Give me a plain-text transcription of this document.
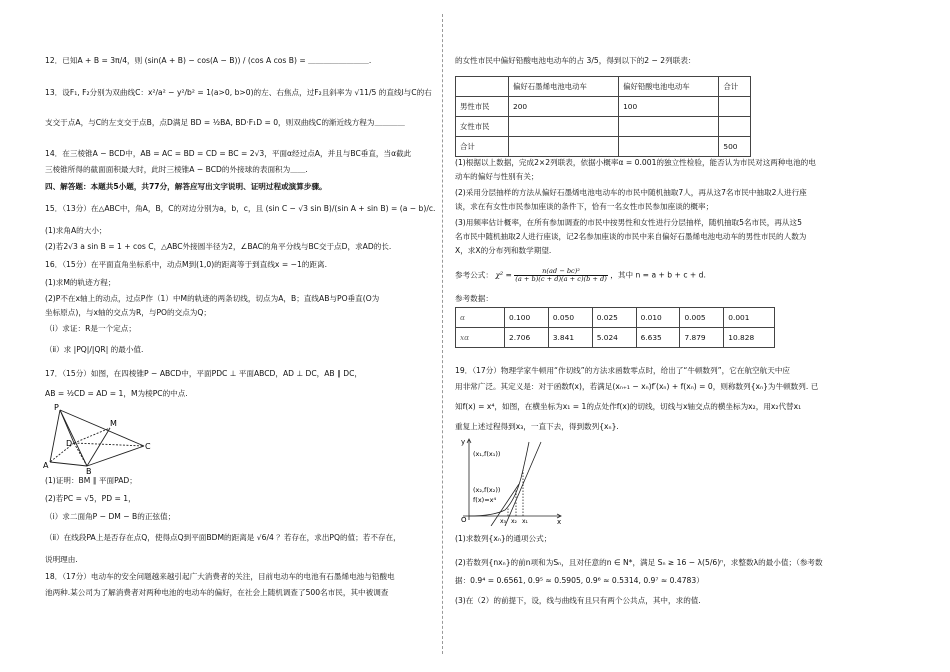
12．已知A + B = 3π/4，则 (sin(A + B) − cos(A − B)) / (cos A cos B) = ＿＿＿＿＿＿＿＿.
13．设F₁, F₂分别为双曲线C：x²/a² − y²/b² = 1(a>0, b>0)的左、右焦点，过F₂且斜率为 √11/5 的直线l与C的右
支交于点A，与C的左支交于点B，点D满足 BD = ½BA, BD·F₁D = 0，则双曲线C的渐近线方程为＿＿＿＿
14．在三棱锥A − BCD中，AB = AC = BD = CD = BC = 2√3，平面α经过点A，并且与BC垂直，当α截此
三棱锥所得的截面面积最大时，此时三棱锥A − BCD的外接球的表面积为＿＿.
四、解答题：本题共5小题，共77分，解答应写出文字说明、证明过程或演算步骤。
15．（13分）在△ABC中，角A，B，C的对边分别为a，b，c，且 (sin C − √3 sin B)/(sin A + sin B) = (a − b)/c.
(1)求角A的大小；
(2)若2√3 a sin B = 1 + cos C，△ABC外接圆半径为2，∠BAC的角平分线与BC交于点D，求AD的长.
16．（15分）在平面直角坐标系中，动点M到(1,0)的距离等于到直线x = −1的距离.
(1)求M的轨迹方程；
(2)P不在x轴上的动点，过点P作（1）中M的轨迹的两条切线，切点为A，B；直线AB与PO垂直(O为
坐标原点)，与x轴的交点为R，与PO的交点为Q；
（ⅰ）求证：R是一个定点；
（ⅱ）求 |PQ|/|QR| 的最小值.
17．（15分）如图，在四棱锥P − ABCD中，平面PDC ⊥ 平面ABCD，AD ⊥ DC，AB ∥ DC，
AB = ½CD = AD = 1，M为棱PC的中点.
P
M
D	C
A
B
(1)证明：BM ∥ 平面PAD；
(2)若PC = √5，PD = 1，
（ⅰ）求二面角P − DM − B的正弦值；
（ⅱ）在线段PA上是否存在点Q，使得点Q到平面BDM的距离是 √6/4 ？若存在，求出PQ的值；若不存在，
说明理由.
18．（17分）电动车的安全问题越来越引起广大消费者的关注，目前电动车的电池有石墨烯电池与铅酸电
池两种.某公司为了解消费者对两种电池的电动车的偏好，在社会上随机调查了500名市民，其中被调查
的女性市民中偏好铅酸电池电动车的占 3/5，得到以下的2 − 2列联表：
	偏好石墨烯电池电动车	偏好铅酸电池电动车	合计
男性市民	200	100	
女性市民			
合计			500
(1)根据以上数据，完成2×2列联表，依据小概率α = 0.001的独立性检验，能否认为市民对这两种电池的电
动车的偏好与性别有关；
(2)采用分层抽样的方法从偏好石墨烯电池电动车的市民中随机抽取7人，再从这7名市民中抽取2人进行座
谈，求在有女性市民参加座谈的条件下，恰有一名女性市民参加座谈的概率；
(3)用频率估计概率，在所有参加调查的市民中按男性和女性进行分层抽样，随机抽取5名市民，再从这5
名市民中随机抽取2人进行座谈，记2名参加座谈的市民中来自偏好石墨烯电池电动车的男性市民的人数为
X，求X的分布列和数学期望.
参考公式： $\chi^2 = \frac{\text{n(ad − bc)²}}{(a + b)(c + d)(a + c)(b + d)}$ ，其中 n = a + b + c + d.
参考数据：
α	0.100	0.050	0.025	0.010	0.005	0.001
xα	2.706	3.841	5.024	6.635	7.879	10.828
19．（17分）物理学家牛顿用“作切线”的方法求函数零点时，给出了“牛顿数列”，它在航空航天中应
用非常广泛。其定义是：对于函数f(x)，若满足(xₙ₊₁ − xₙ)f′(xₙ) + f(xₙ) = 0，则称数列{xₙ}为牛顿数列. 已
知f(x) = x⁴，如图，在横坐标为x₁ = 1的点处作f(x)的切线，切线与x轴交点的横坐标为x₂，用x₂代替x₁
重复上述过程得到x₃，一直下去，得到数列{xₙ}.
y
(x₁,f(x₁))
(x₂,f(x₂))
f(x)=x⁴
O	x₃ x₂ x₁	x
(1)求数列{xₙ}的通项公式；
(2)若数列{nxₙ}的前n项和为Sₙ，且对任意的n ∈ N*，满足 Sₙ ≥ 16 − λ(5/6)ⁿ，求整数λ的最小值；（参考数
据：0.9⁴ = 0.6561, 0.9⁵ ≈ 0.5905, 0.9⁶ ≈ 0.5314, 0.9⁷ ≈ 0.4783）
(3)在（2）的前提下，设，线与曲线有且只有两个公共点，其中，求的值.
